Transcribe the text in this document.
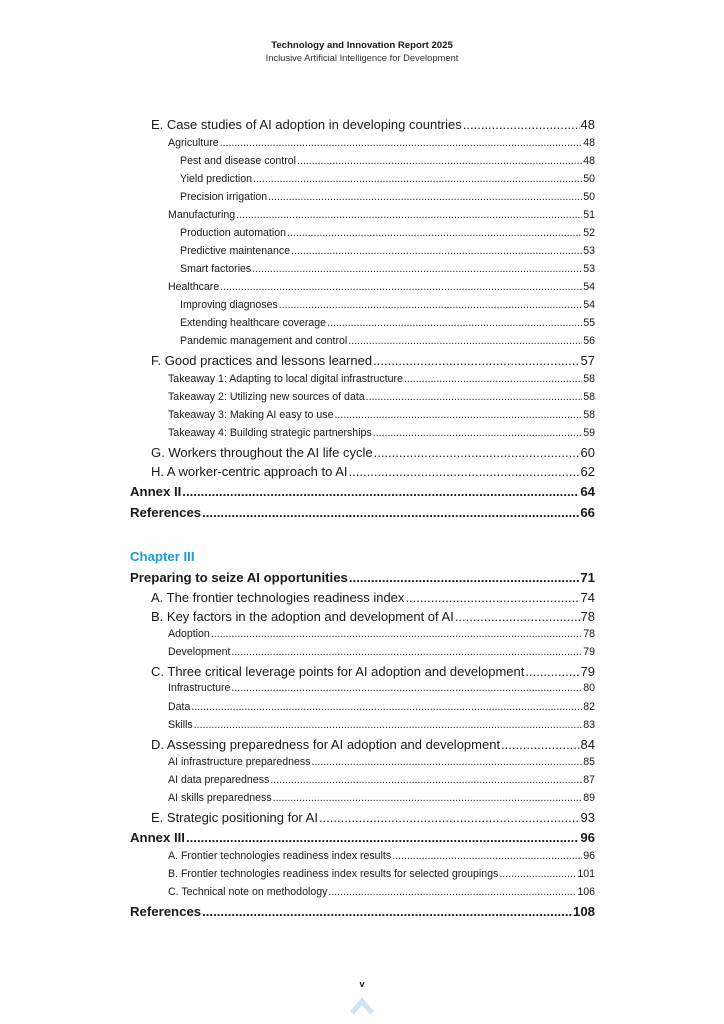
Technology and Innovation Report 2025
Inclusive Artificial Intelligence for Development
E. Case studies of AI adoption in developing countries .....	48
Agriculture .....	48
Pest and disease control .....	48
Yield prediction .....	50
Precision irrigation .....	50
Manufacturing .....	51
Production automation .....	52
Predictive maintenance .....	53
Smart factories .....	53
Healthcare .....	54
Improving diagnoses .....	54
Extending healthcare coverage .....	55
Pandemic management and control .....	56
F. Good practices and lessons learned .....	57
Takeaway 1: Adapting to local digital infrastructure .....	58
Takeaway 2: Utilizing new sources of data .....	58
Takeaway 3: Making AI easy to use .....	58
Takeaway 4: Building strategic partnerships .....	59
G. Workers throughout the AI life cycle .....	60
H. A worker-centric approach to AI .....	62
Annex II .....	64
References .....	66
Chapter III
Preparing to seize AI opportunities .....	71
A. The frontier technologies readiness index .....	74
B. Key factors in the adoption and development of AI .....	78
Adoption .....	78
Development .....	79
C. Three critical leverage points for AI adoption and development .....	79
Infrastructure .....	80
Data .....	82
Skills .....	83
D. Assessing preparedness for AI adoption and development .....	84
AI infrastructure preparedness .....	85
AI data preparedness .....	87
AI skills preparedness .....	89
E. Strategic positioning for AI .....	93
Annex III .....	96
A. Frontier technologies readiness index results .....	96
B. Frontier technologies readiness index results for selected groupings .....	101
C. Technical note on methodology .....	106
References .....	108
v
